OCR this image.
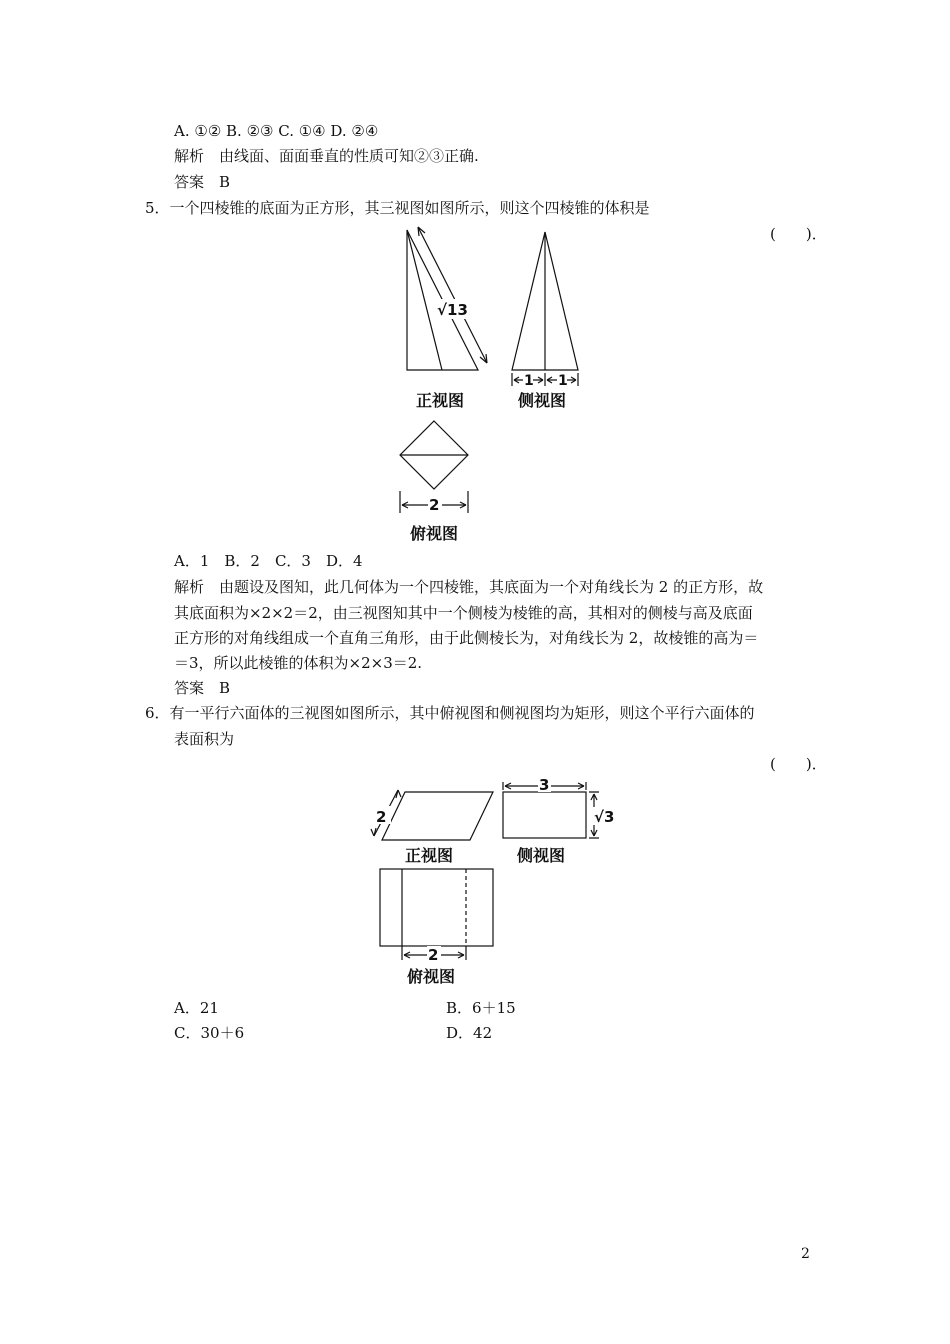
A. ①② B. ②③ C. ①④ D. ②④
解析　由线面、面面垂直的性质可知②③正确.
答案　B
5．一个四棱锥的底面为正方形，其三视图如图所示，则这个四棱锥的体积是
(　　)．
√13
1 1
2
正视图	侧视图
俯视图
A．1　B．2　C．3　D．4
解析　由题设及图知，此几何体为一个四棱锥，其底面为一个对角线长为 2 的正方形，故
其底面积为×2×2＝2，由三视图知其中一个侧棱为棱锥的高，其相对的侧棱与高及底面
正方形的对角线组成一个直角三角形，由于此侧棱长为，对角线长为 2，故棱锥的高为＝
＝3，所以此棱锥的体积为×2×3＝2.
答案　B
6．有一平行六面体的三视图如图所示，其中俯视图和侧视图均为矩形，则这个平行六面体的
表面积为
(　　)．
2
3
√3
2
正视图	侧视图
俯视图
A．21	B．6＋15
C．30＋6	D．42
2
